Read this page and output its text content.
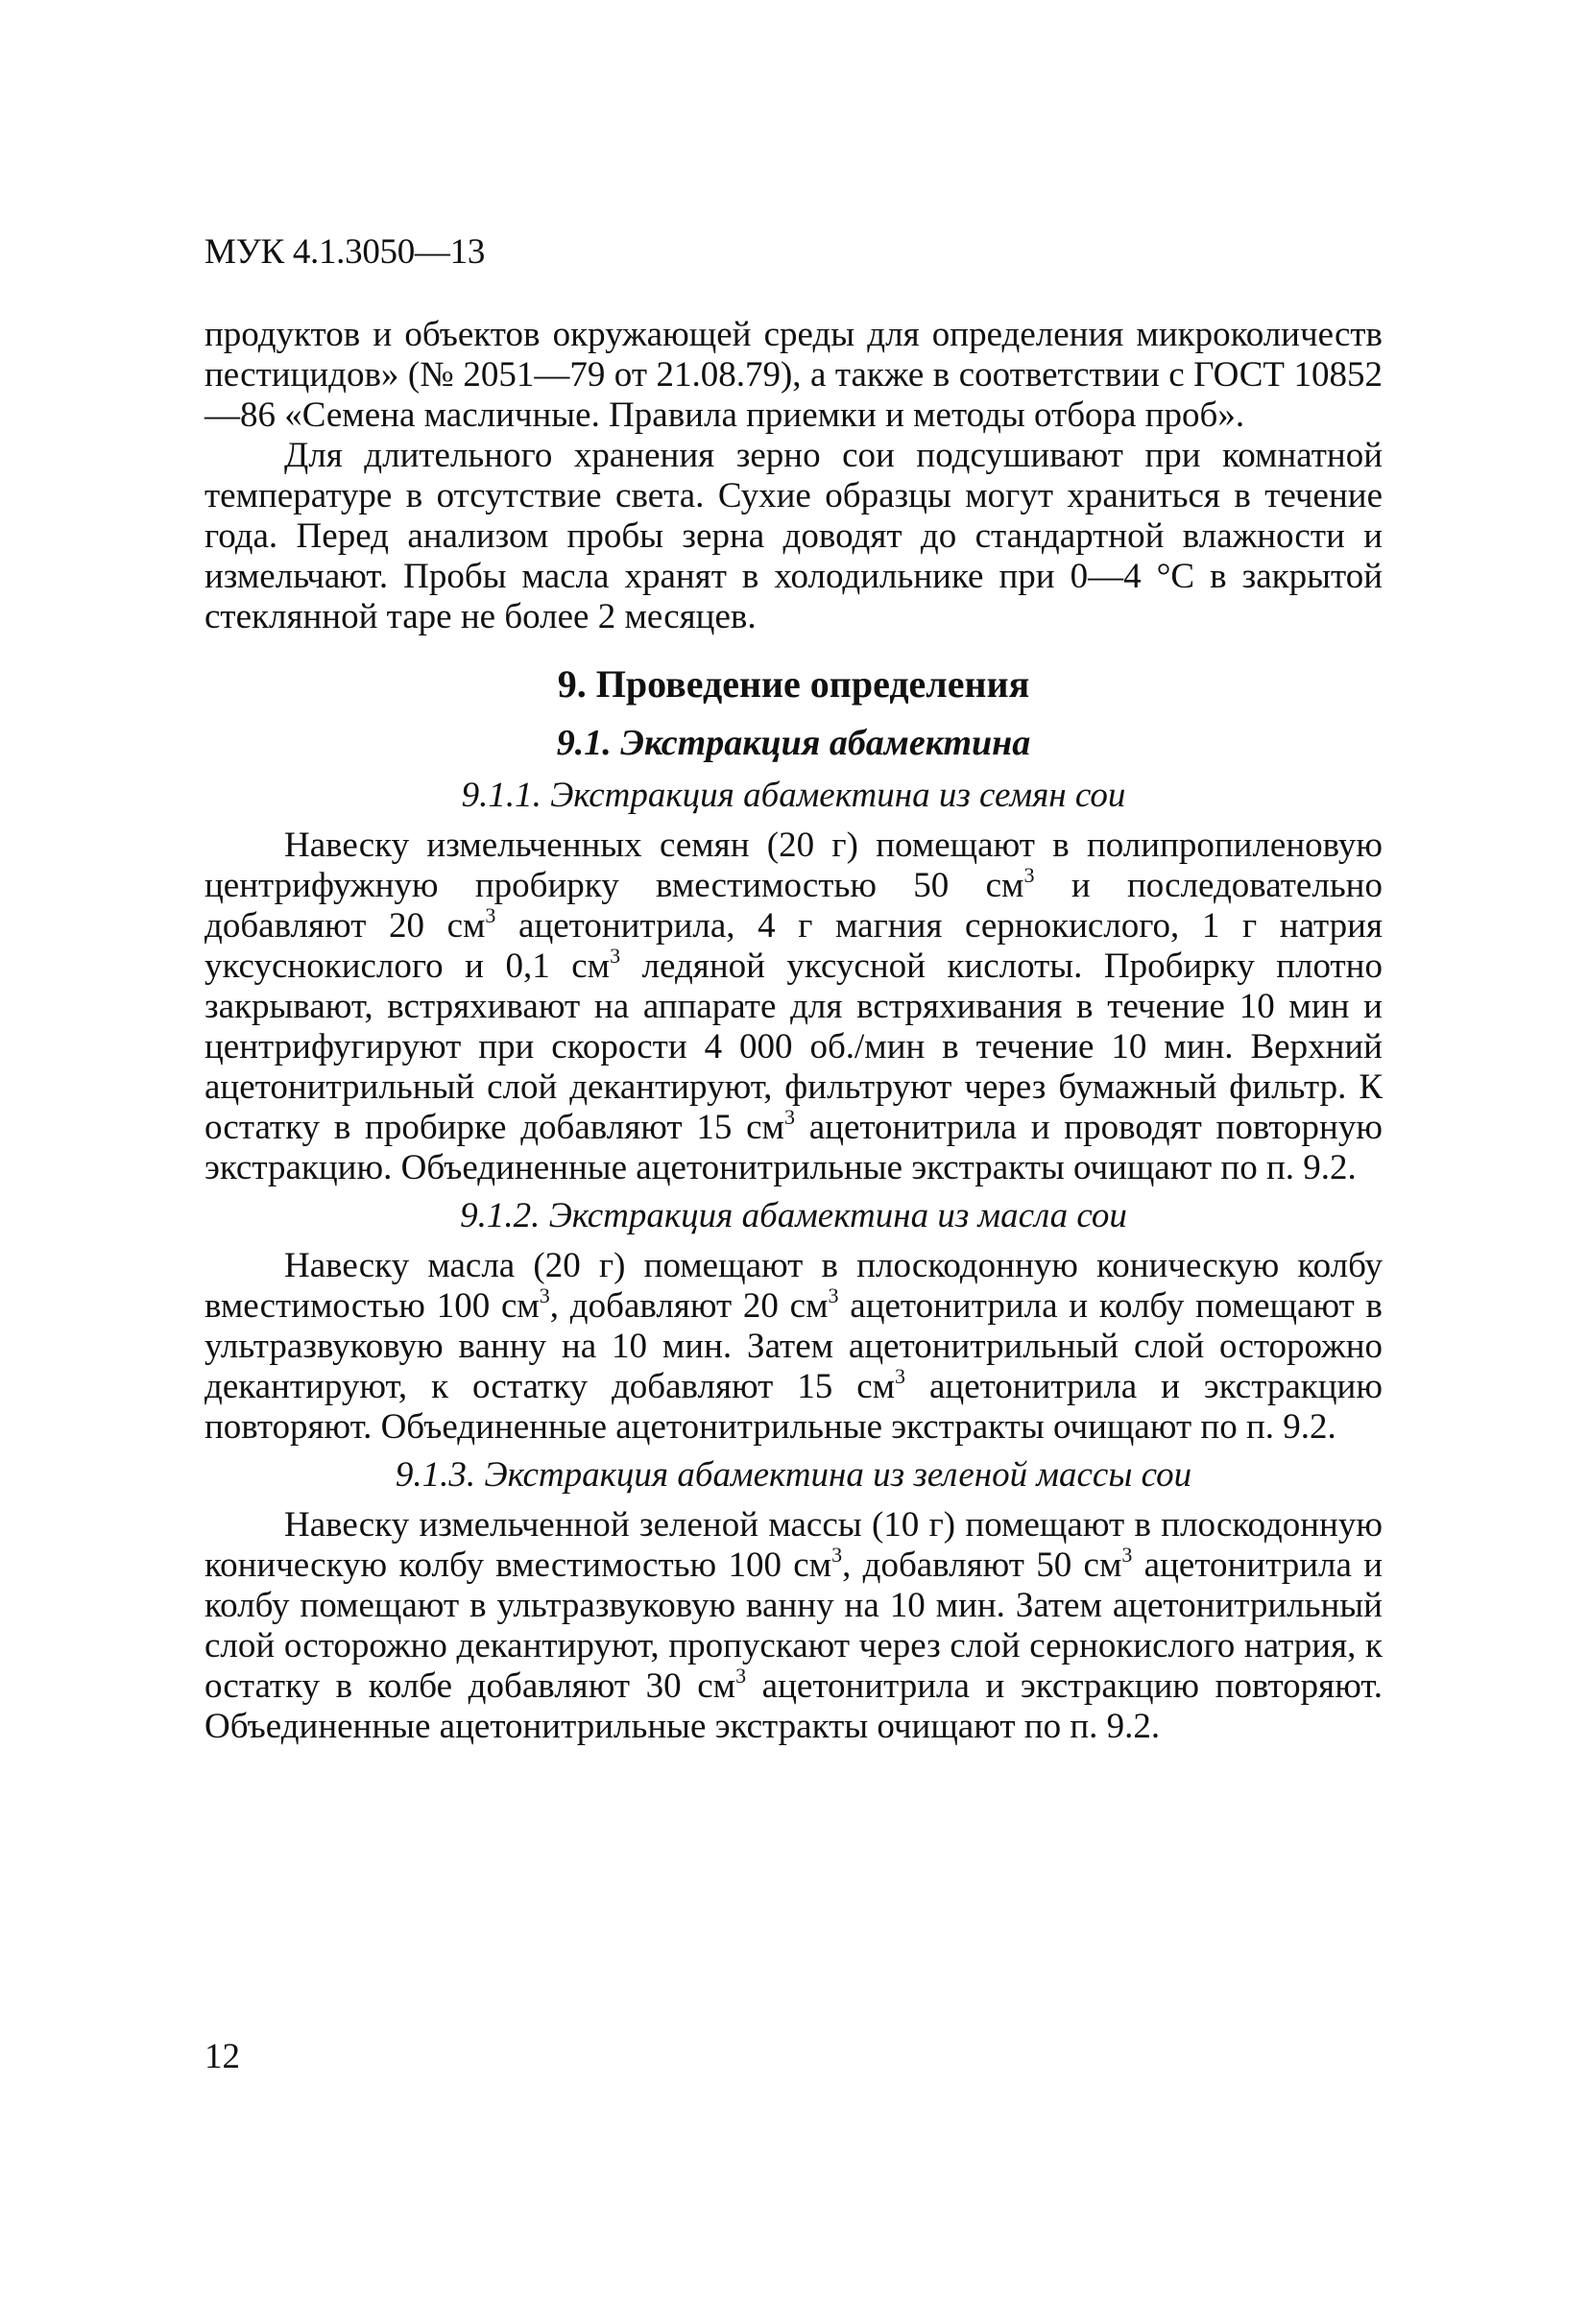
МУК 4.1.3050—13

продуктов и объектов окружающей среды для определения микроколичеств пестицидов» (№ 2051—79 от 21.08.79), а также в соответствии с ГОСТ 10852—86 «Семена масличные. Правила приемки и методы отбора проб».

Для длительного хранения зерно сои подсушивают при комнатной температуре в отсутствие света. Сухие образцы могут храниться в течение года. Перед анализом пробы зерна доводят до стандартной влажности и измельчают. Пробы масла хранят в холодильнике при 0—4 °С в закрытой стеклянной таре не более 2 месяцев.

9. Проведение определения
9.1. Экстракция абамектина
9.1.1. Экстракция абамектина из семян сои

Навеску измельченных семян (20 г) помещают в полипропиленовую центрифужную пробирку вместимостью 50 $см^3$ и последовательно добавляют 20 $см^3$ ацетонитрила, 4 г магния сернокислого, 1 г натрия уксуснокислого и 0,1 $см^3$ ледяной уксусной кислоты. Пробирку плотно закрывают, встряхивают на аппарате для встряхивания в течение 10 мин и центрифугируют при скорости 4 000 об./мин в течение 10 мин. Верхний ацетонитрильный слой декантируют, фильтруют через бумажный фильтр. К остатку в пробирке добавляют 15 $см^3$ ацетонитрила и проводят повторную экстракцию. Объединенные ацетонитрильные экстракты очищают по п. 9.2.

9.1.2. Экстракция абамектина из масла сои

Навеску масла (20 г) помещают в плоскодонную коническую колбу вместимостью 100 $см^3$, добавляют 20 $см^3$ ацетонитрила и колбу помещают в ультразвуковую ванну на 10 мин. Затем ацетонитрильный слой осторожно декантируют, к остатку добавляют 15 $см^3$ ацетонитрила и экстракцию повторяют. Объединенные ацетонитрильные экстракты очищают по п. 9.2.

9.1.3. Экстракция абамектина из зеленой массы сои

Навеску измельченной зеленой массы (10 г) помещают в плоскодонную коническую колбу вместимостью 100 $см^3$, добавляют 50 $см^3$ ацетонитрила и колбу помещают в ультразвуковую ванну на 10 мин. Затем ацетонитрильный слой осторожно декантируют, пропускают через слой сернокислого натрия, к остатку в колбе добавляют 30 $см^3$ ацетонитрила и экстракцию повторяют. Объединенные ацетонитрильные экстракты очищают по п. 9.2.

12
